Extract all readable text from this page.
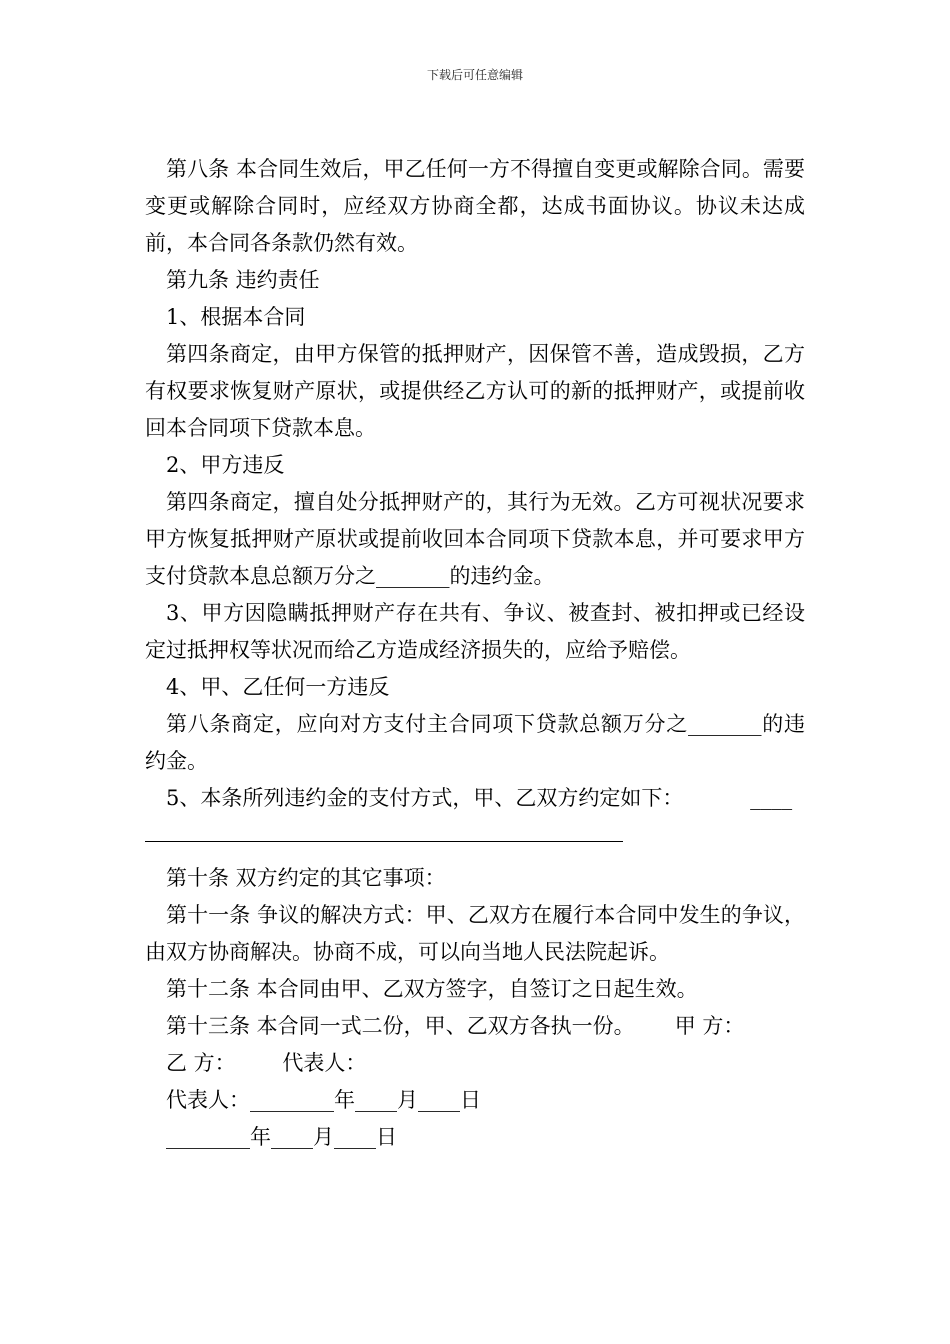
下载后可任意编辑

第八条 本合同生效后，甲乙任何一方不得擅自变更或解除合同。需要变更或解除合同时，应经双方协商全都，达成书面协议。协议未达成前，本合同各条款仍然有效。

第九条 违约责任

1、根据本合同

第四条商定，由甲方保管的抵押财产，因保管不善，造成毁损，乙方有权要求恢复财产原状，或提供经乙方认可的新的抵押财产，或提前收回本合同项下贷款本息。

2、甲方违反

第四条商定，擅自处分抵押财产的，其行为无效。乙方可视状况要求甲方恢复抵押财产原状或提前收回本合同项下贷款本息，并可要求甲方支付贷款本息总额万分之_______的违约金。

3、甲方因隐瞒抵押财产存在共有、争议、被查封、被扣押或已经设定过抵押权等状况而给乙方造成经济损失的，应给予赔偿。

4、甲、乙任何一方违反

第八条商定，应向对方支付主合同项下贷款总额万分之_______的违约金。

5、本条所列违约金的支付方式，甲、乙双方约定如下：          ____

第十条 双方约定的其它事项：

第十一条 争议的解决方式：甲、乙双方在履行本合同中发生的争议，由双方协商解决。协商不成，可以向当地人民法院起诉。

第十二条 本合同由甲、乙双方签字，自签订之日起生效。

第十三条 本合同一式二份，甲、乙双方各执一份。      甲 方：

乙 方：       代表人：

代表人：________年____月____日

________年____月____日
